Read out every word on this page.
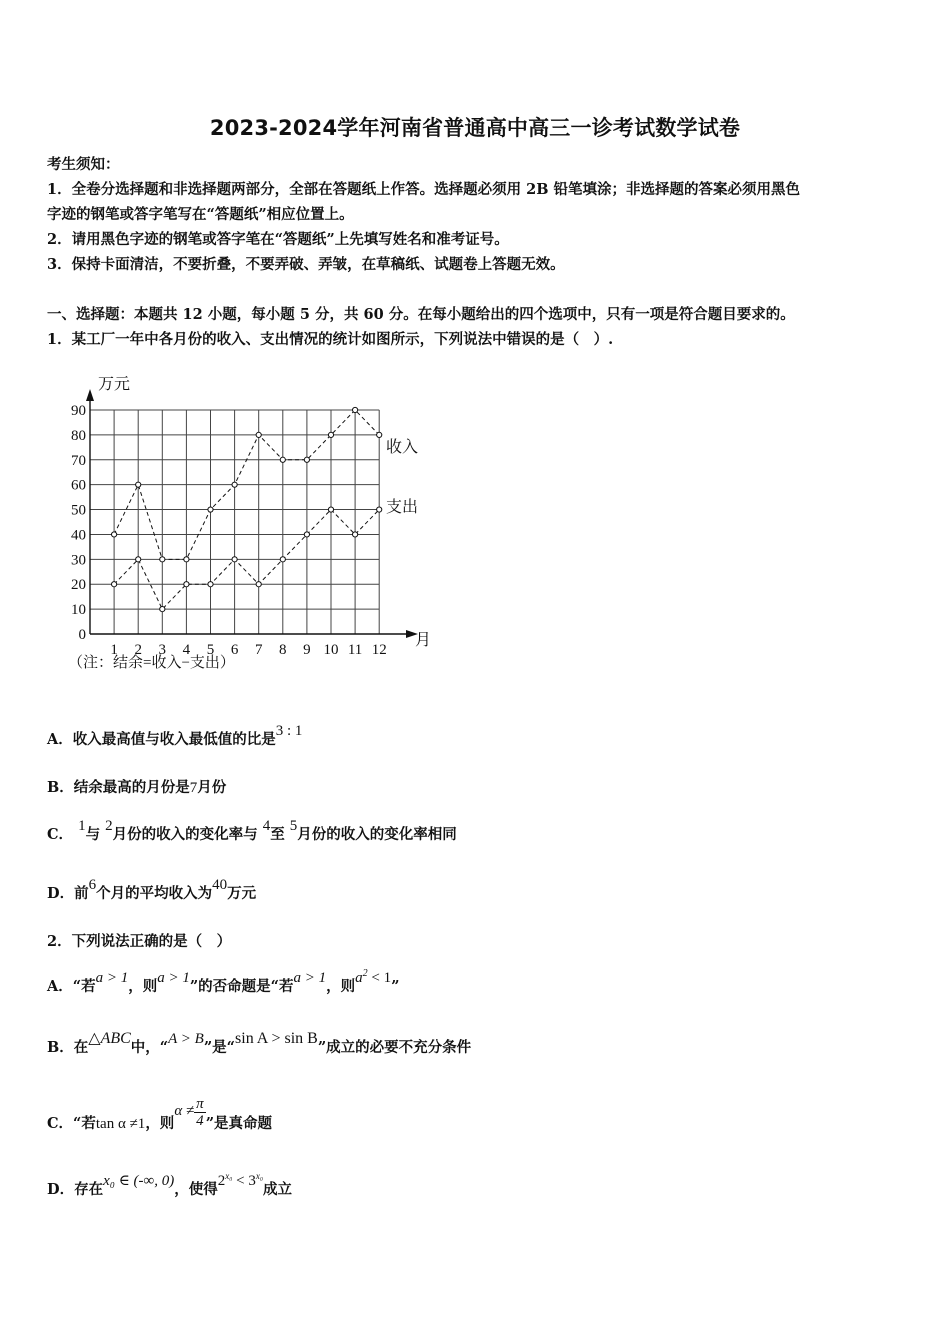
2023-2024学年河南省普通高中高三一诊考试数学试卷
考生须知：
1．全卷分选择题和非选择题两部分，全部在答题纸上作答。选择题必须用 2B 铅笔填涂；非选择题的答案必须用黑色
字迹的钢笔或答字笔写在“答题纸”相应位置上。
2．请用黑色字迹的钢笔或答字笔在“答题纸”上先填写姓名和准考证号。
3．保持卡面清洁，不要折叠，不要弄破、弄皱，在草稿纸、试题卷上答题无效。
一、选择题：本题共 12 小题，每小题 5 分，共 60 分。在每小题给出的四个选项中，只有一项是符合题目要求的。
1．某工厂一年中各月份的收入、支出情况的统计如图所示，下列说法中错误的是（　）.
万元
月
0
10
20
30
40
50
60
70
80
90
1 2 3 4 5 6 7 8 9 10 11 12
收入
支出
（注：结余=收入−支出）
A．收入最高值与收入最低值的比是3 : 1
B．结余最高的月份是7月份
C． 1与 2月份的收入的变化率与 4至 5月份的收入的变化率相同
D．前6个月的平均收入为40万元
2．下列说法正确的是（　）
A．“若a > 1，则a > 1”的否命题是“若a > 1，则$a^2 < 1$”
B．在△ABC中，“A > B”是“sin A > sin B”成立的必要不充分条件
C．“若tan α ≠1，则$\alpha \ne \frac{\pi}{4}$ ”是真命题
D．存在x₀ ∈ (-∞, 0)，使得$2^{x_0} < 3^{x_0}$成立
